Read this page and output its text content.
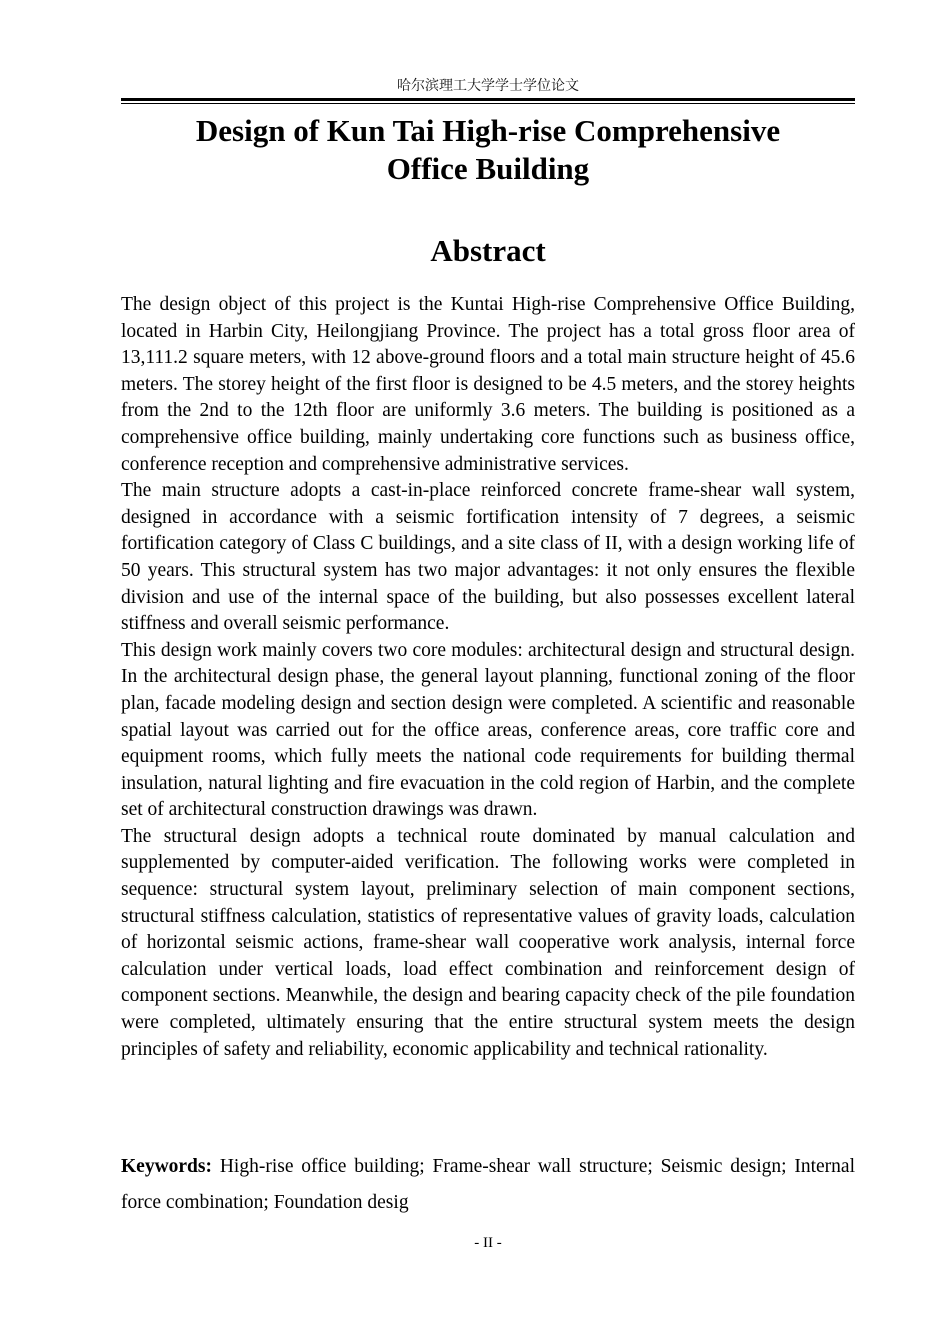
哈尔滨理工大学学士学位论文
Design of Kun Tai High-rise Comprehensive
Office Building
Abstract

The design object of this project is the Kuntai High-rise Comprehensive Office Building, located in Harbin City, Heilongjiang Province. The project has a total gross floor area of 13,111.2 square meters, with 12 above-ground floors and a total main structure height of 45.6 meters. The storey height of the first floor is designed to be 4.5 meters, and the storey heights from the 2nd to the 12th floor are uniformly 3.6 meters. The building is positioned as a comprehensive office building, mainly undertaking core functions such as business office, conference reception and comprehensive administrative services.

The main structure adopts a cast-in-place reinforced concrete frame-shear wall system, designed in accordance with a seismic fortification intensity of 7 degrees, a seismic fortification category of Class C buildings, and a site class of II, with a design working life of 50 years. This structural system has two major advantages: it not only ensures the flexible division and use of the internal space of the building, but also possesses excellent lateral stiffness and overall seismic performance.

This design work mainly covers two core modules: architectural design and structural design. In the architectural design phase, the general layout planning, functional zoning of the floor plan, facade modeling design and section design were completed. A scientific and reasonable spatial layout was carried out for the office areas, conference areas, core traffic core and equipment rooms, which fully meets the national code requirements for building thermal insulation, natural lighting and fire evacuation in the cold region of Harbin, and the complete set of architectural construction drawings was drawn.

The structural design adopts a technical route dominated by manual calculation and supplemented by computer-aided verification. The following works were completed in sequence: structural system layout, preliminary selection of main component sections, structural stiffness calculation, statistics of representative values of gravity loads, calculation of horizontal seismic actions, frame-shear wall cooperative work analysis, internal force calculation under vertical loads, load effect combination and reinforcement design of component sections. Meanwhile, the design and bearing capacity check of the pile foundation were completed, ultimately ensuring that the entire structural system meets the design principles of safety and reliability, economic applicability and technical rationality.

Keywords: High-rise office building; Frame-shear wall structure; Seismic design; Internal force combination; Foundation desig

- II -
